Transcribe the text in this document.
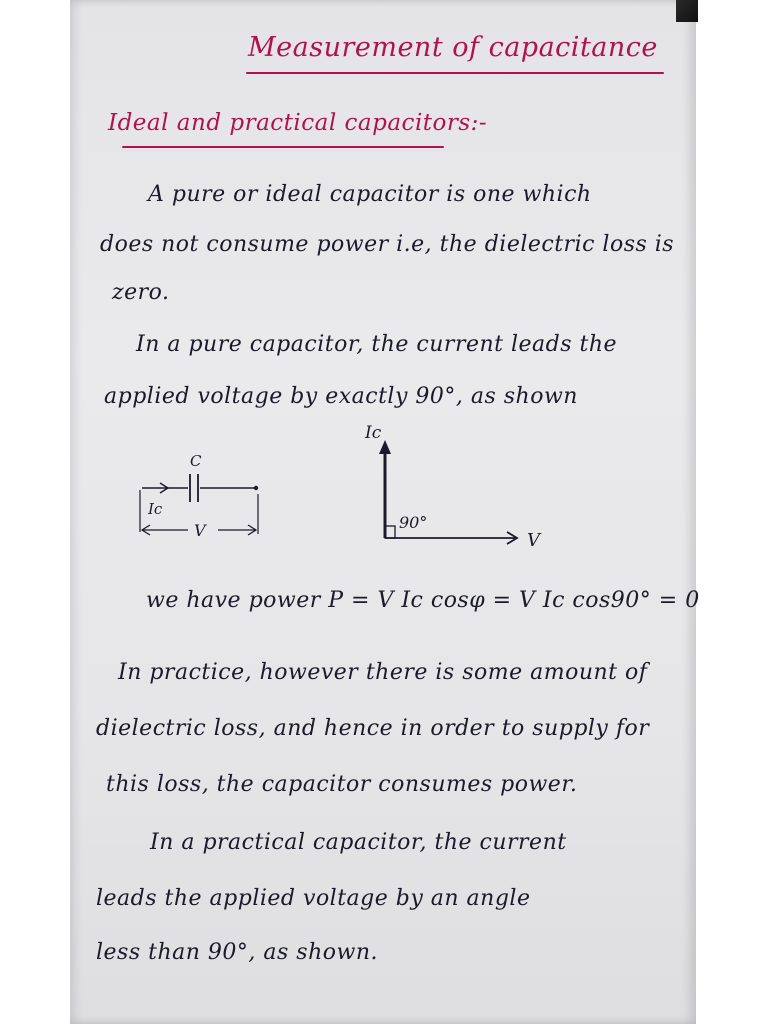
Measurement of capacitance
Ideal and practical capacitors:-
A pure or ideal capacitor is one which
does not consume power i.e, the dielectric loss is
zero.
In a pure capacitor, the current leads the
applied voltage by exactly 90°, as shown
C
Ic
V
Ic
90°
V
we have power P = V Ic cosφ = V Ic cos90° = 0
In practice, however there is some amount of
dielectric loss, and hence in order to supply for
this loss, the capacitor consumes power.
In a practical capacitor, the current
leads the applied voltage by an angle
less than 90°, as shown.
